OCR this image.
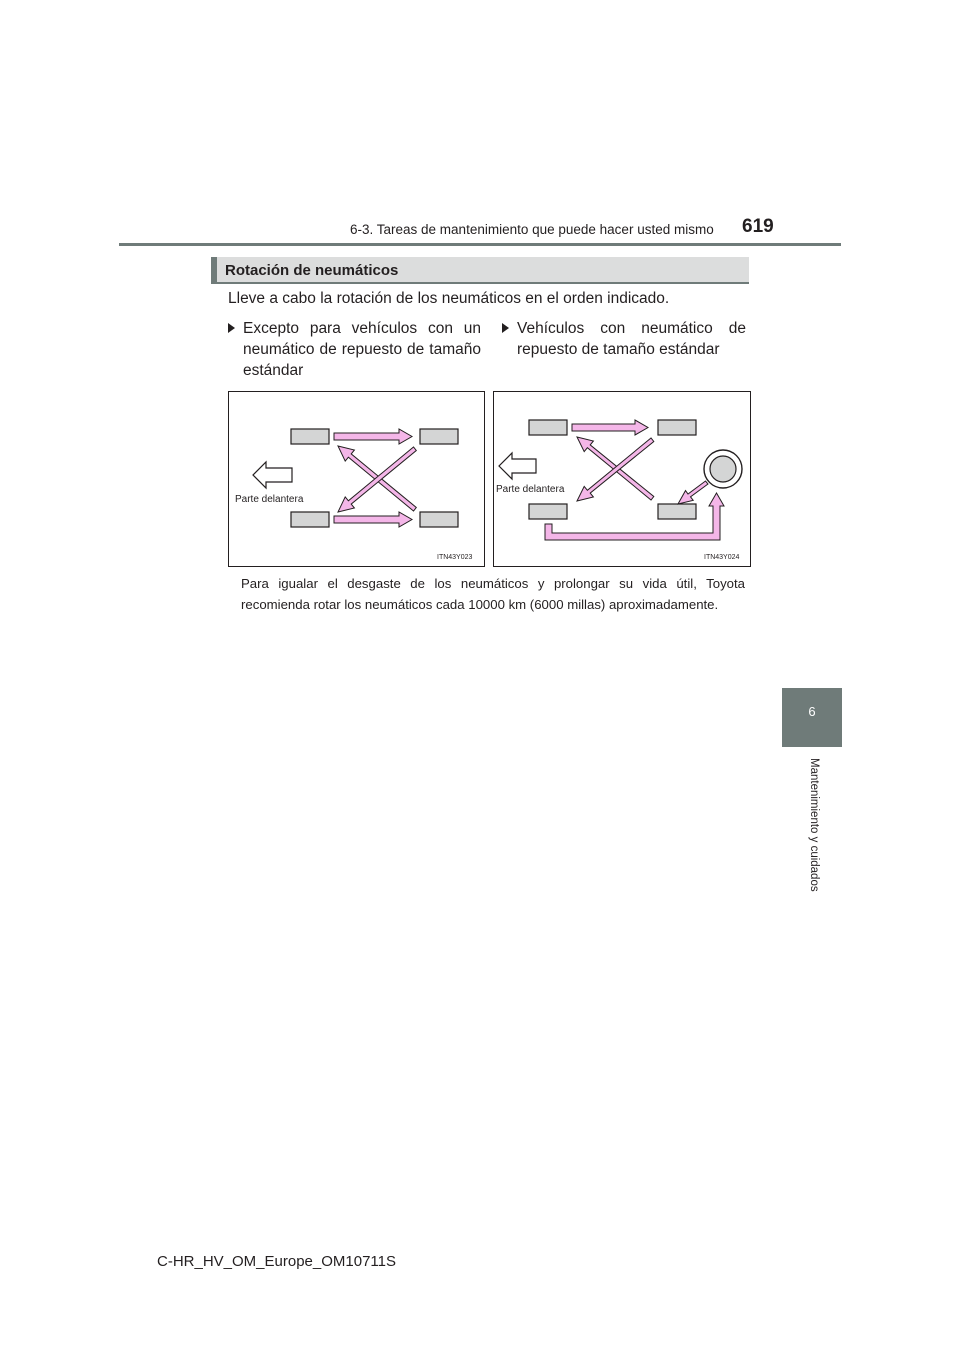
6-3. Tareas de mantenimiento que puede hacer usted mismo 619
6
Mantenimiento y cuidados
Rotación de neumáticos
Lleve a cabo la rotación de los neumáticos en el orden indicado.
Excepto para vehículos con un neumático de repuesto de tamaño estándar
Vehículos con neumático de repuesto de tamaño estándar
Parte delantera
ITN43Y023
Parte delantera
ITN43Y024
Para igualar el desgaste de los neumáticos y prolongar su vida útil, Toyota recomienda rotar los neumáticos cada 10000 km (6000 millas) aproximadamente.
C-HR_HV_OM_Europe_OM10711S
